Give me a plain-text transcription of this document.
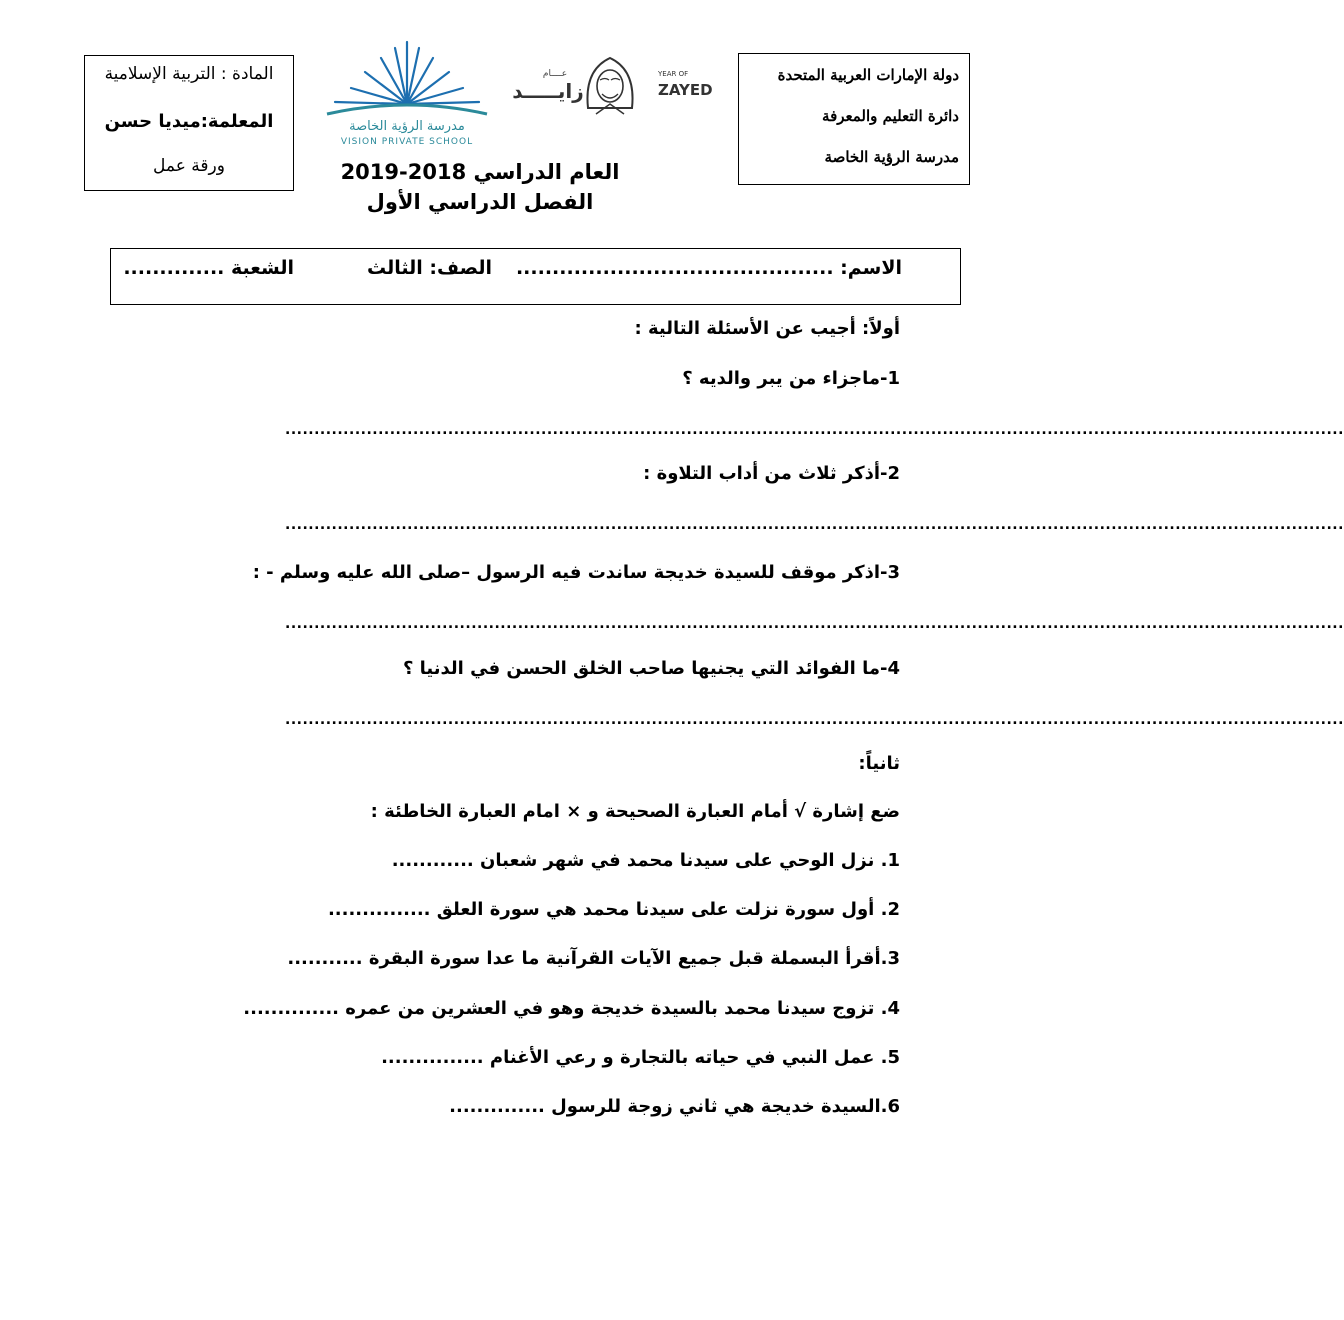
دولة الإمارات العربية المتحدة
دائرة التعليم والمعرفة
مدرسة الرؤية الخاصة
عــــام
زايـــــد
YEAR OF
ZAYED
مدرسة الرؤية الخاصة
VISION PRIVATE SCHOOL
المادة : التربية الإسلامية
المعلمة:ميديا حسن
ورقة عمل	العام الدراسي 2018-2019
الفصل الدراسي الأول
الاسم: ............................................
الصف: الثالث
الشعبة ..............
أولاً: أجيب عن الأسئلة التالية :
1-ماجزاء من يبر والديه ؟
......................................................................................................................................................................................
2-أذكر ثلاث من أداب التلاوة :
......................................................................................................................................................................................
3-اذكر موقف للسيدة خديجة ساندت فيه الرسول –صلى الله عليه وسلم - :
......................................................................................................................................................................................
4-ما الفوائد التي يجنيها صاحب الخلق الحسن في الدنيا ؟
......................................................................................................................................................................................
ثانياً:
ضع إشارة √ أمام العبارة الصحيحة و × امام العبارة الخاطئة :
1. نزل الوحي على سيدنا محمد في شهر شعبان ............
2. أول سورة نزلت على سيدنا محمد هي سورة العلق ...............
3.أقرأ البسملة قبل جميع الآيات القرآنية ما عدا سورة البقرة ...........
4. تزوج سيدنا محمد بالسيدة خديجة وهو في العشرين من عمره ..............
5. عمل النبي في حياته بالتجارة و رعي الأغنام ...............
6.السيدة خديجة هي ثاني زوجة للرسول ..............
